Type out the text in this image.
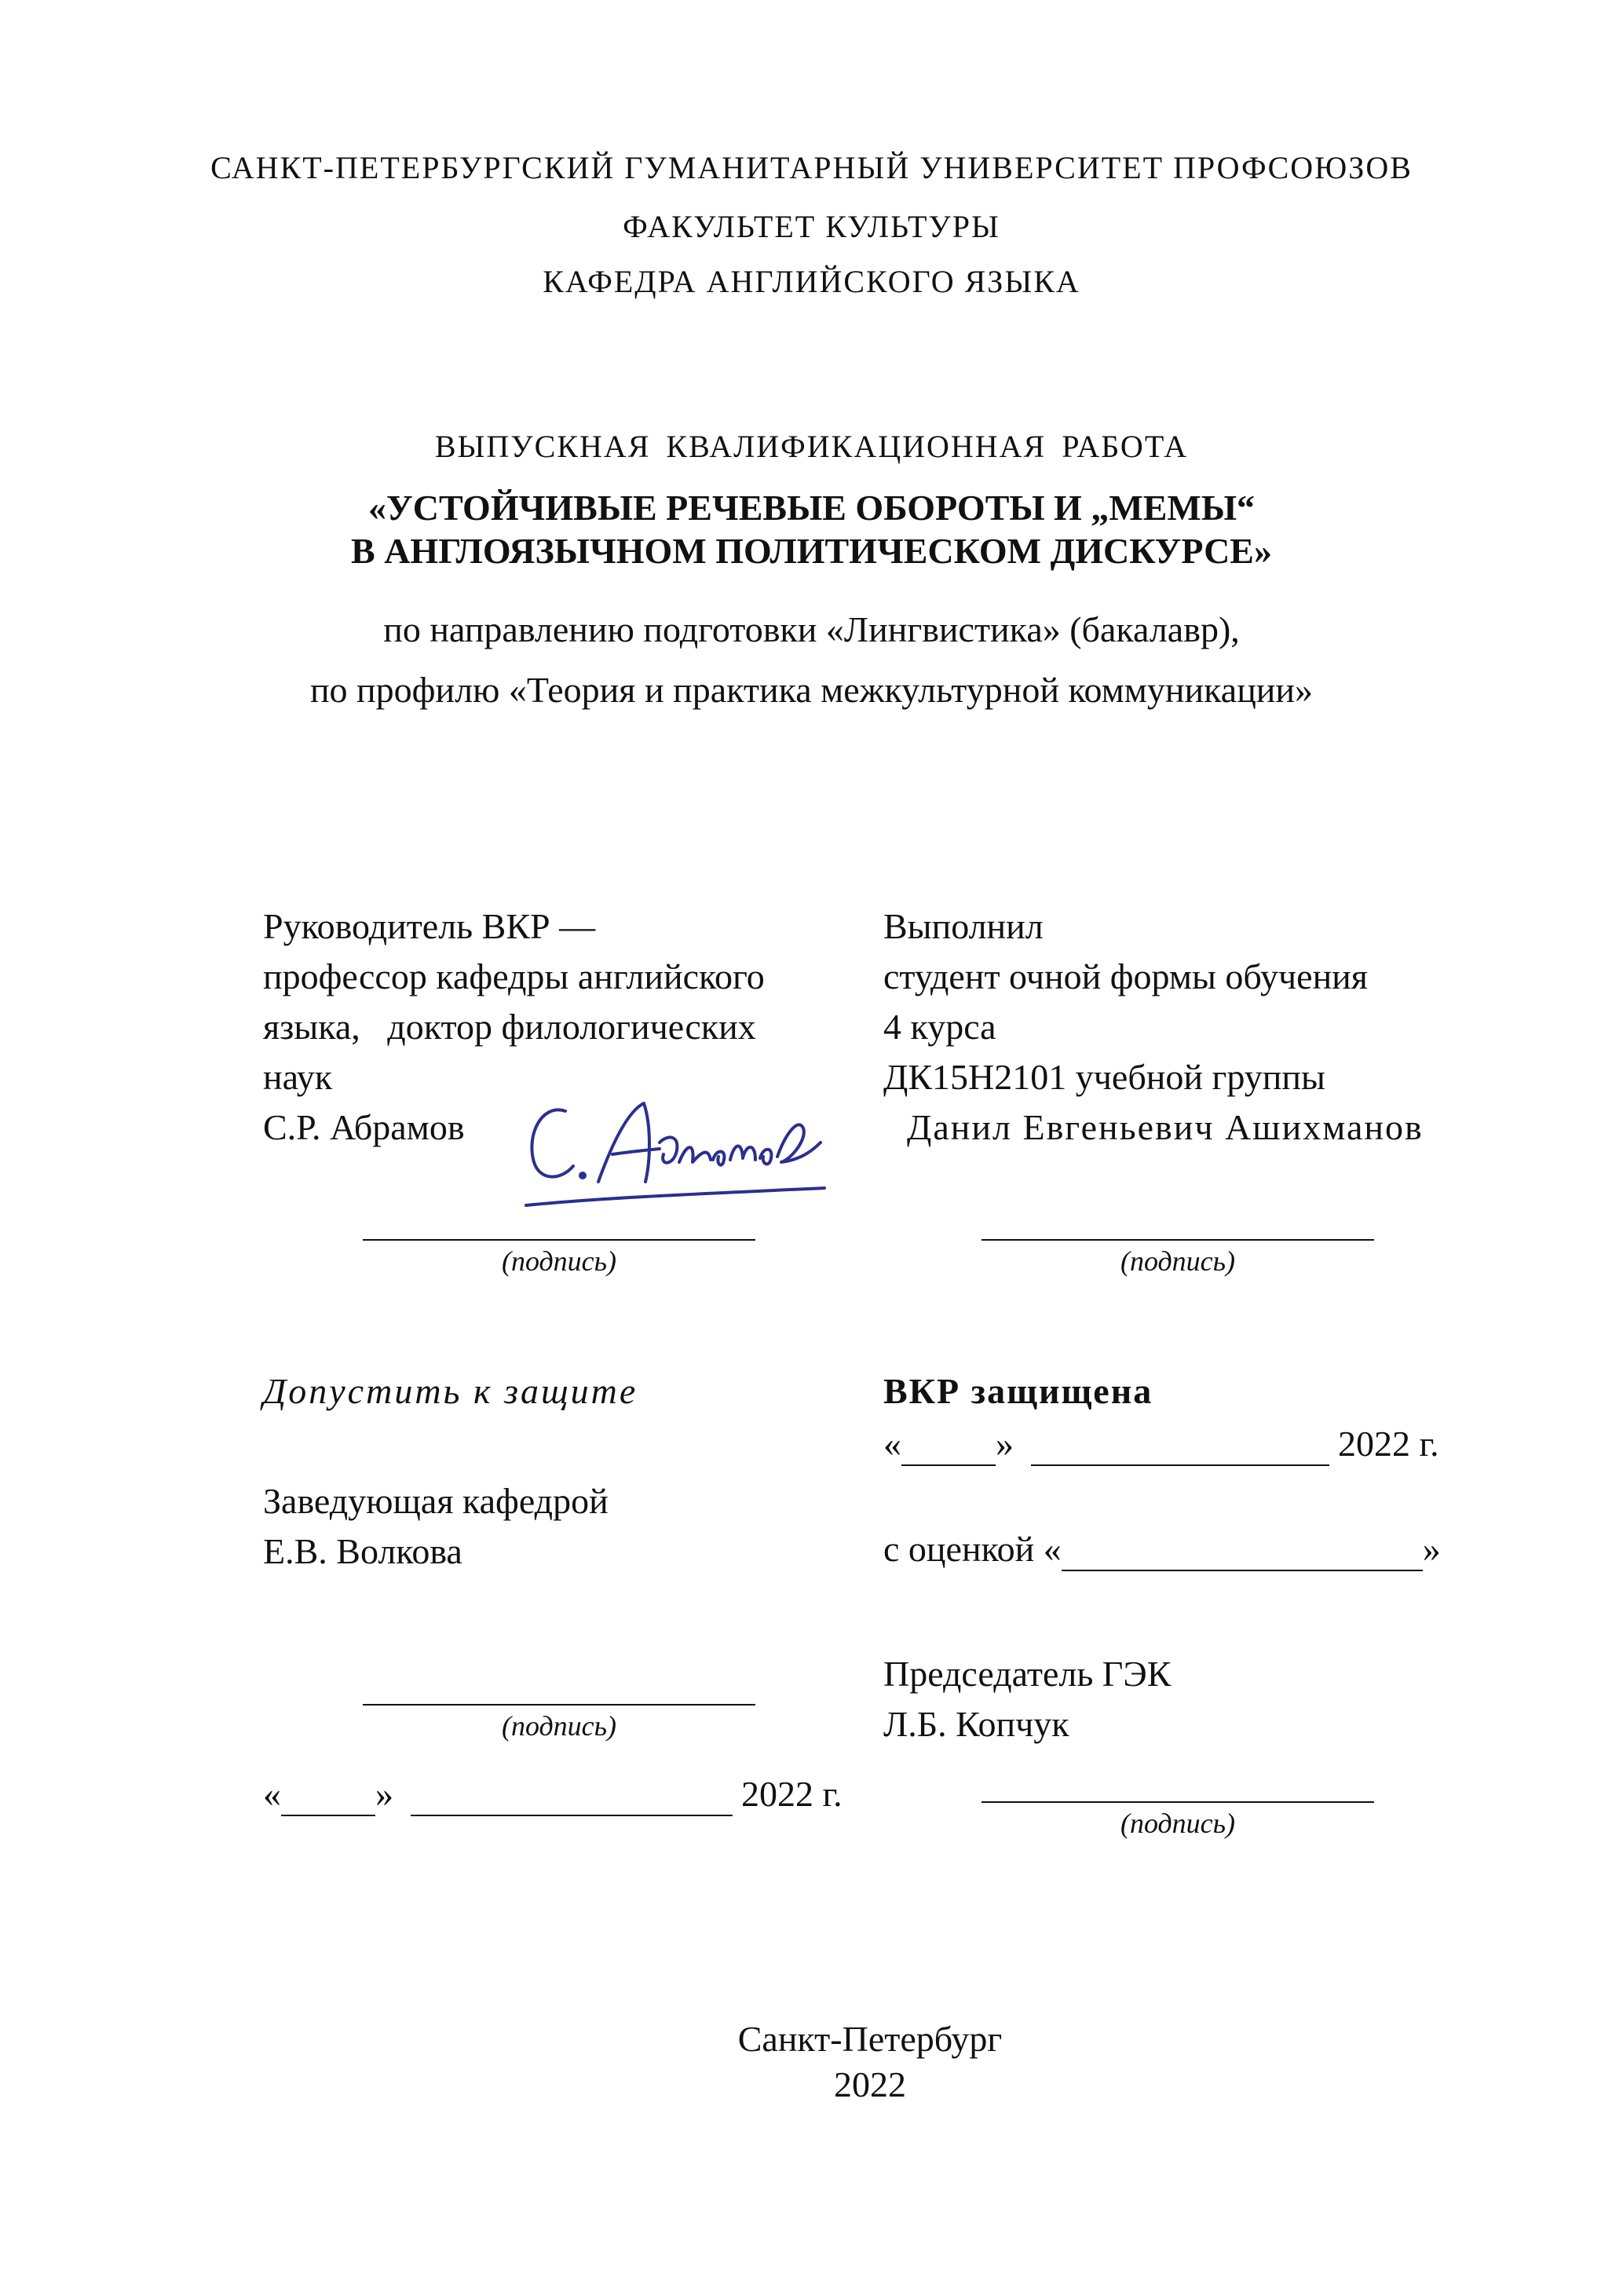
САНКТ-ПЕТЕРБУРГСКИЙ ГУМАНИТАРНЫЙ УНИВЕРСИТЕТ ПРОФСОЮЗОВ
ФАКУЛЬТЕТ КУЛЬТУРЫ
КАФЕДРА АНГЛИЙСКОГО ЯЗЫКА
ВЫПУСКНАЯ КВАЛИФИКАЦИОННАЯ РАБОТА
«УСТОЙЧИВЫЕ РЕЧЕВЫЕ ОБОРОТЫ И „МЕМЫ“
В АНГЛОЯЗЫЧНОМ ПОЛИТИЧЕСКОМ ДИСКУРСЕ»
по направлению подготовки «Лингвистика» (бакалавр),
по профилю «Теория и практика межкультурной коммуникации»
Руководитель ВКР —
профессор кафедры английского
языка,   доктор филологических
наук
С.Р. Абрамов
(подпись)
Выполнил
студент очной формы обучения
4 курса
ДК15Н2101 учебной группы
Данил Евгеньевич Ашихманов
(подпись)
Допустить к защите
Заведующая кафедрой
Е.В. Волкова
(подпись)
«	»	2022 г.
ВКР защищена
«	»	2022 г.
с оценкой «	»
Председатель ГЭК
Л.Б. Копчук
(подпись)
Санкт-Петербург
2022
